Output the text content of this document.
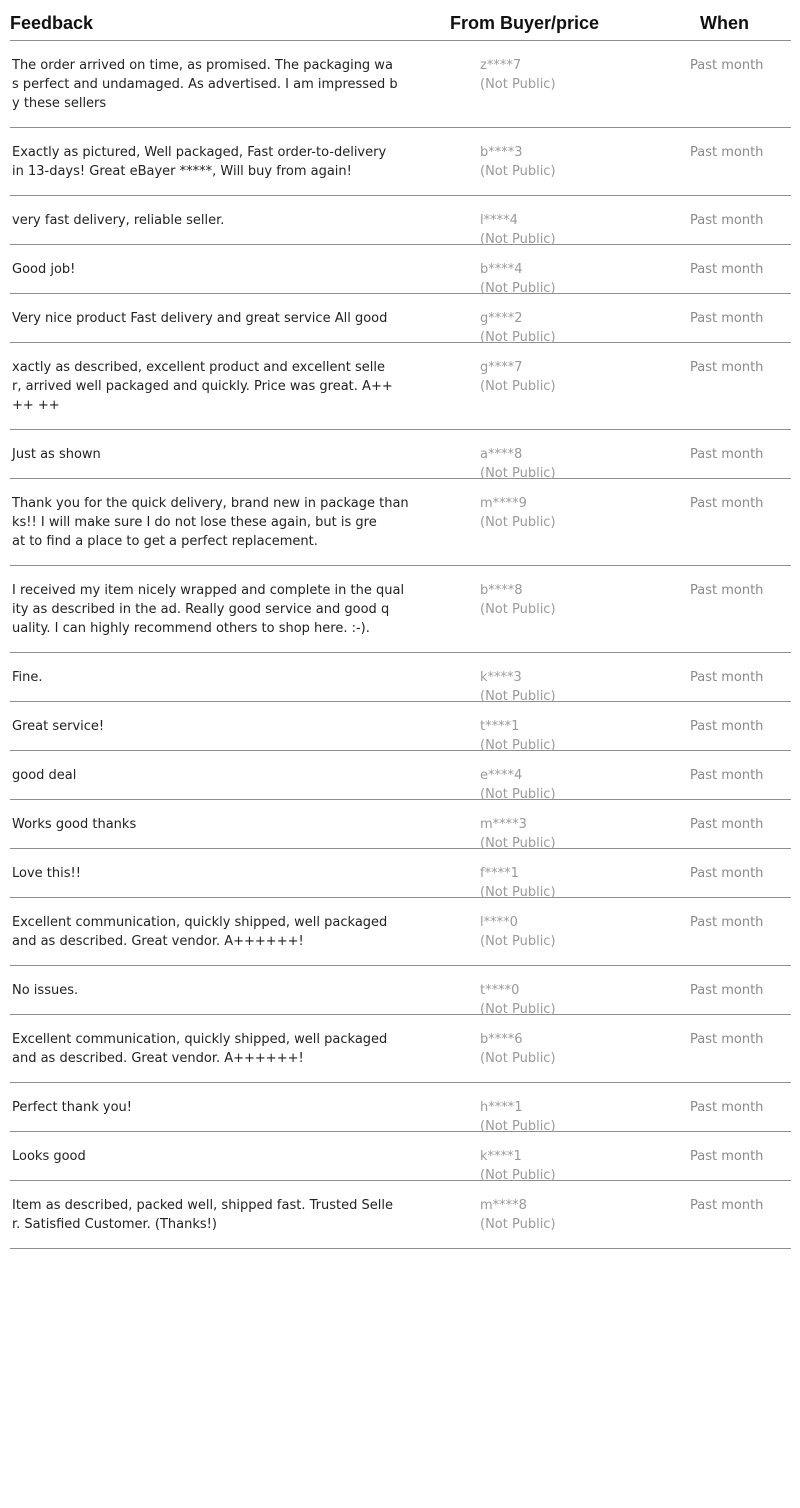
Feedback	From Buyer/price	When
The order arrived on time, as promised. The packaging wa
s perfect and undamaged. As advertised. I am impressed b
y these sellers
z****7
(Not Public)
Past month
Exactly as pictured, Well packaged, Fast order-to-delivery
in 13-days! Great eBayer *****, Will buy from again!
b****3
(Not Public)
Past month
very fast delivery, reliable seller.	l****4
(Not Public)
Past month
Good job!	b****4
(Not Public)
Past month
Very nice product Fast delivery and great service All good	g****2
(Not Public)
Past month
xactly as described, excellent product and excellent selle
r, arrived well packaged and quickly. Price was great. A++
++ ++
g****7
(Not Public)
Past month
Just as shown	a****8
(Not Public)
Past month
Thank you for the quick delivery, brand new in package than
ks!! I will make sure I do not lose these again, but is gre
at to find a place to get a perfect replacement.
m****9
(Not Public)
Past month
I received my item nicely wrapped and complete in the qual
ity as described in the ad. Really good service and good q
uality. I can highly recommend others to shop here. :-).
b****8
(Not Public)
Past month
Fine.	k****3
(Not Public)
Past month
Great service!	t****1
(Not Public)
Past month
good deal	e****4
(Not Public)
Past month
Works good thanks	m****3
(Not Public)
Past month
Love this!!	f****1
(Not Public)
Past month
Excellent communication, quickly shipped, well packaged
and as described. Great vendor. A++++++!
l****0
(Not Public)
Past month
No issues.	t****0
(Not Public)
Past month
Excellent communication, quickly shipped, well packaged
and as described. Great vendor. A++++++!
b****6
(Not Public)
Past month
Perfect thank you!	h****1
(Not Public)
Past month
Looks good	k****1
(Not Public)
Past month
Item as described, packed well, shipped fast. Trusted Selle
r. Satisfied Customer. (Thanks!)
m****8
(Not Public)
Past month
